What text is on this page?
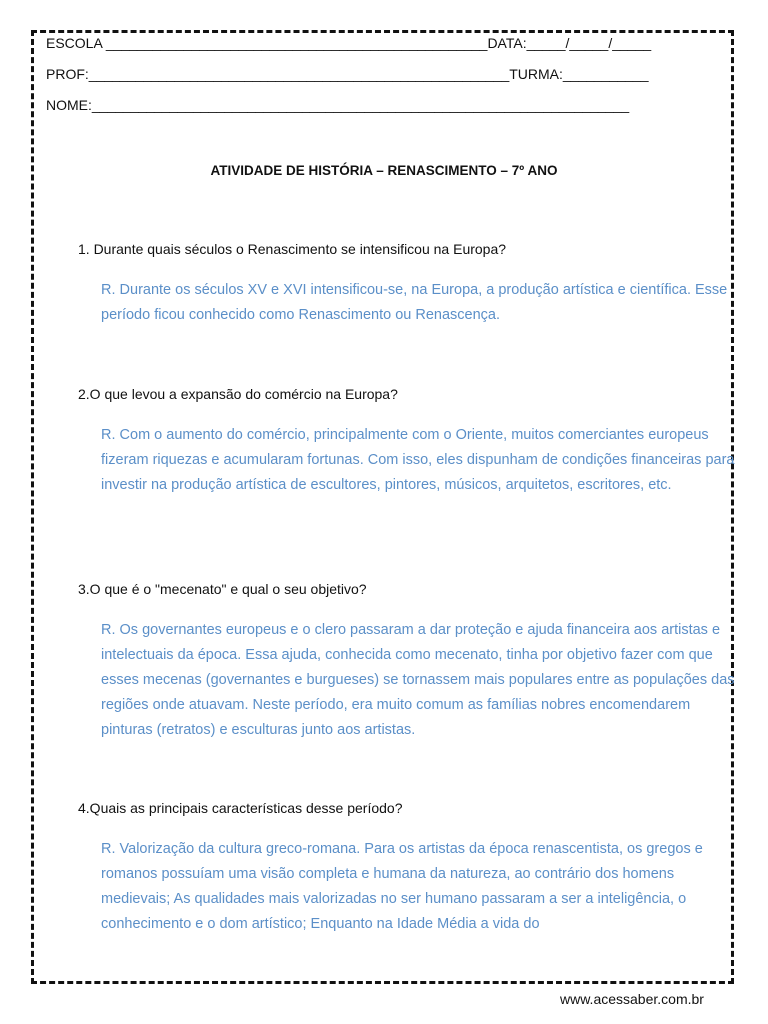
ESCOLA _________________________________________________DATA:_____/_____/_____
PROF:______________________________________________________TURMA:___________
NOME:_____________________________________________________________________
ATIVIDADE DE HISTÓRIA – RENASCIMENTO – 7º ANO
1. Durante quais séculos o Renascimento se intensificou na Europa?
R. Durante os séculos XV e XVI intensificou-se, na Europa, a produção artística e científica. Esse período ficou conhecido como Renascimento ou Renascença.
2.O que levou a expansão do comércio na Europa?
R. Com o aumento do comércio, principalmente com o Oriente, muitos comerciantes europeus fizeram riquezas e acumularam fortunas. Com isso, eles dispunham de condições financeiras para investir na produção artística de escultores, pintores, músicos, arquitetos, escritores, etc.
3.O que é o "mecenato" e qual o seu objetivo?
R. Os governantes europeus e o clero passaram a dar proteção e ajuda financeira aos artistas e intelectuais da época. Essa ajuda, conhecida como mecenato, tinha por objetivo fazer com que esses mecenas (governantes e burgueses) se tornassem mais populares entre as populações das regiões onde atuavam. Neste período, era muito comum as famílias nobres encomendarem pinturas (retratos) e esculturas junto aos artistas.
4.Quais as principais características desse período?
R. Valorização da cultura greco-romana. Para os artistas da época renascentista, os gregos e romanos possuíam uma visão completa e humana da natureza, ao contrário dos homens medievais; As qualidades mais valorizadas no ser humano passaram a ser a inteligência, o conhecimento e o dom artístico; Enquanto na Idade Média a vida do
www.acessaber.com.br
